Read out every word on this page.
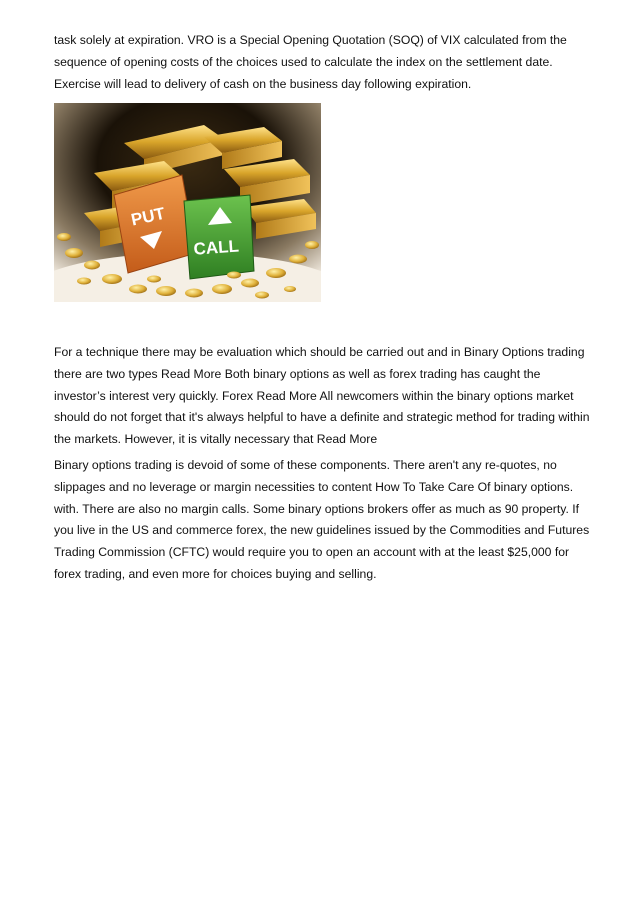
task solely at expiration. VRO is a Special Opening Quotation (SOQ) of VIX calculated from the sequence of opening costs of the choices used to calculate the index on the settlement date. Exercise will lead to delivery of cash on the business day following expiration.

PUT
CALL

For a technique there may be evaluation which should be carried out and in Binary Options trading there are two types Read More Both binary options as well as forex trading has caught the investor’s interest very quickly. Forex Read More All newcomers within the binary options market should do not forget that it's always helpful to have a definite and strategic method for trading within the markets. However, it is vitally necessary that Read More

Binary options trading is devoid of some of these components. There aren't any re-quotes, no slippages and no leverage or margin necessities to content How To Take Care Of binary options. with. There are also no margin calls. Some binary options brokers offer as much as 90 property. If you live in the US and commerce forex, the new guidelines issued by the Commodities and Futures Trading Commission (CFTC) would require you to open an account with at the least $25,000 for forex trading, and even more for choices buying and selling.
